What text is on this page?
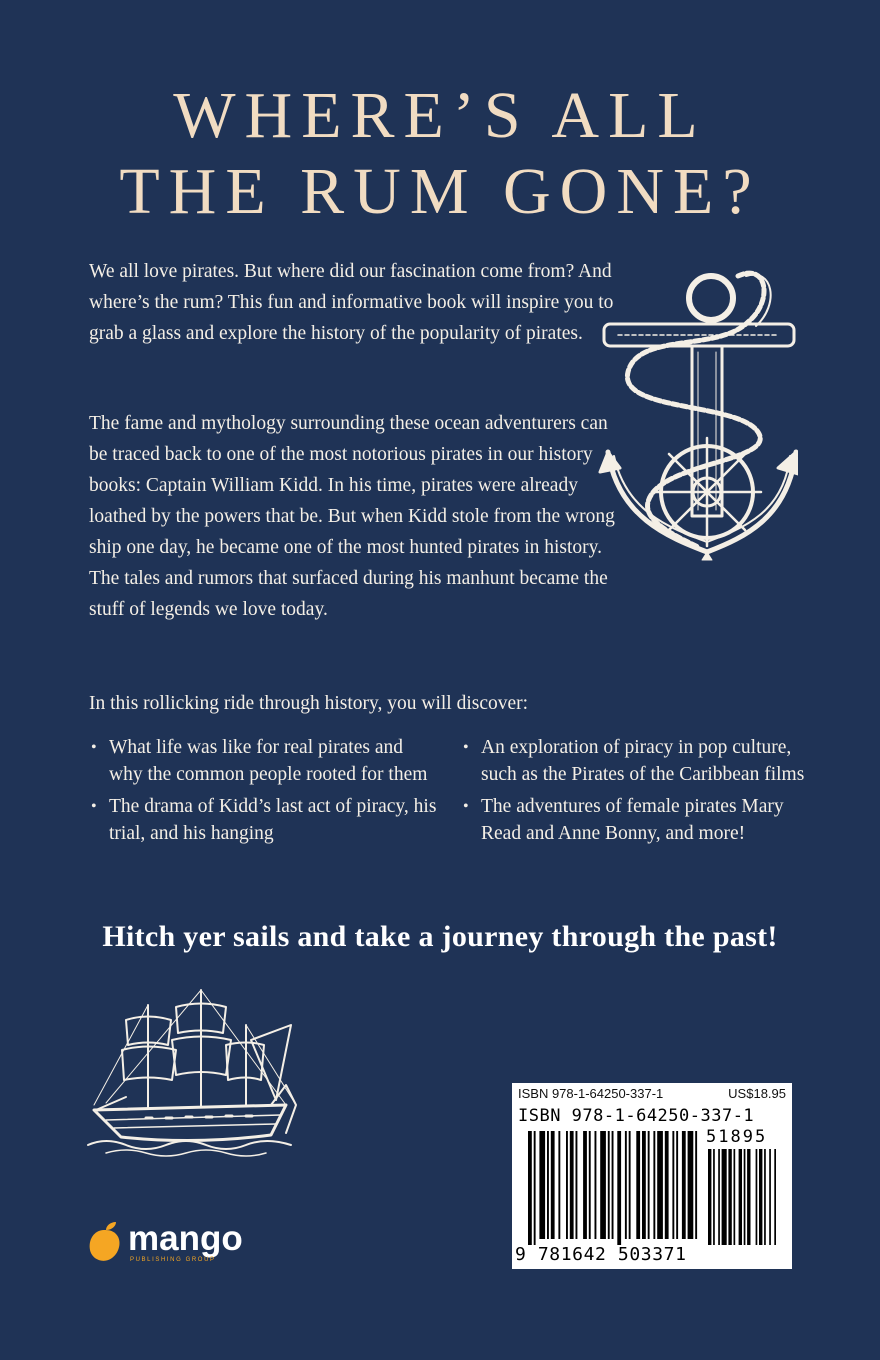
WHERE’S ALL
THE RUM GONE?

We all love pirates. But where did our fascination come from? And where’s the rum? This fun and informative book will inspire you to grab a glass and explore the history of the popularity of pirates.

The fame and mythology surrounding these ocean adventurers can be traced back to one of the most notorious pirates in our history books: Captain William Kidd. In his time, pirates were already loathed by the powers that be. But when Kidd stole from the wrong ship one day, he became one of the most hunted pirates in history. The tales and rumors that surfaced during his manhunt became the stuff of legends we love today.

In this rollicking ride through history, you will discover:

• What life was like for real pirates and why the common people rooted for them
• The drama of Kidd’s last act of piracy, his trial, and his hanging
• An exploration of piracy in pop culture, such as the Pirates of the Caribbean films
• The adventures of female pirates Mary Read and Anne Bonny, and more!
Hitch yer sails and take a journey through the past!
mango
PUBLISHING GROUP
ISBN 978-1-64250-337-1	US$18.95
ISBN 978-1-64250-337-1
51895
9 781642 503371
